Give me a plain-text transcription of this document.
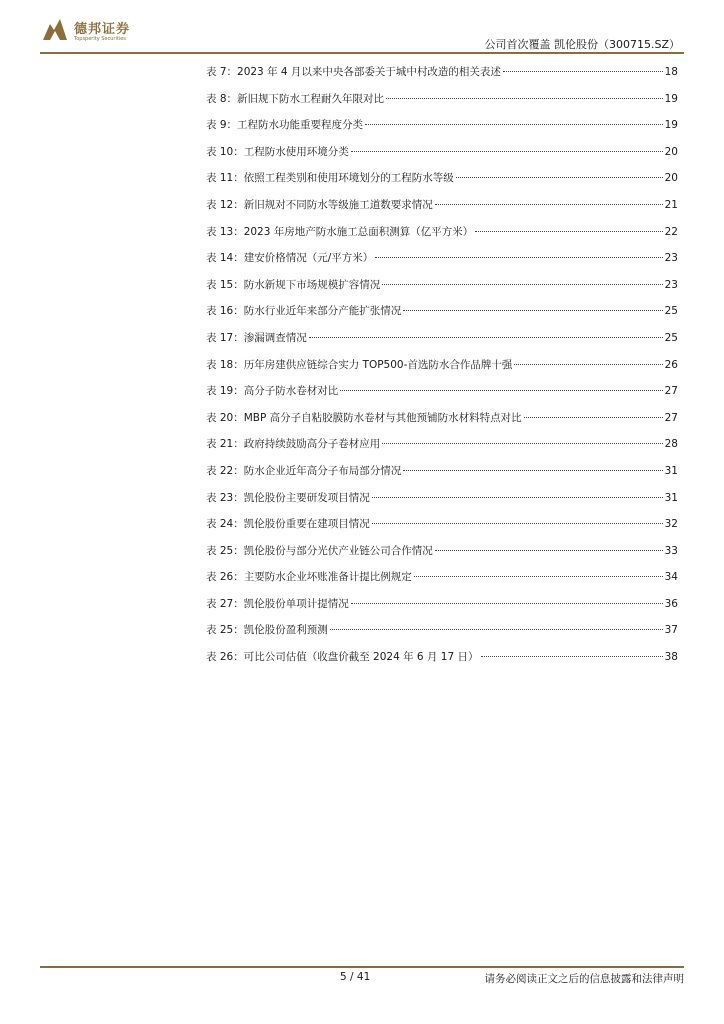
德邦证券
Topsperity Securities	公司首次覆盖 凯伦股份（300715.SZ）
表 7：2023 年 4 月以来中央各部委关于城中村改造的相关表述	18
表 8：新旧规下防水工程耐久年限对比	19
表 9：工程防水功能重要程度分类	19
表 10：工程防水使用环境分类	20
表 11：依照工程类别和使用环境划分的工程防水等级	20
表 12：新旧规对不同防水等级施工道数要求情况	21
表 13：2023 年房地产防水施工总面积测算（亿平方米）	22
表 14：建安价格情况（元/平方米）	23
表 15：防水新规下市场规模扩容情况	23
表 16：防水行业近年来部分产能扩张情况	25
表 17：渗漏调查情况	25
表 18：历年房建供应链综合实力 TOP500-首选防水合作品牌十强	26
表 19：高分子防水卷材对比	27
表 20：MBP 高分子自粘胶膜防水卷材与其他预铺防水材料特点对比	27
表 21：政府持续鼓励高分子卷材应用	28
表 22：防水企业近年高分子布局部分情况	31
表 23：凯伦股份主要研发项目情况	31
表 24：凯伦股份重要在建项目情况	32
表 25：凯伦股份与部分光伏产业链公司合作情况	33
表 26：主要防水企业坏账准备计提比例规定	34
表 27：凯伦股份单项计提情况	36
表 25：凯伦股份盈利预测	37
表 26：可比公司估值（收盘价截至 2024 年 6 月 17 日）	38
5 / 41	请务必阅读正文之后的信息披露和法律声明
